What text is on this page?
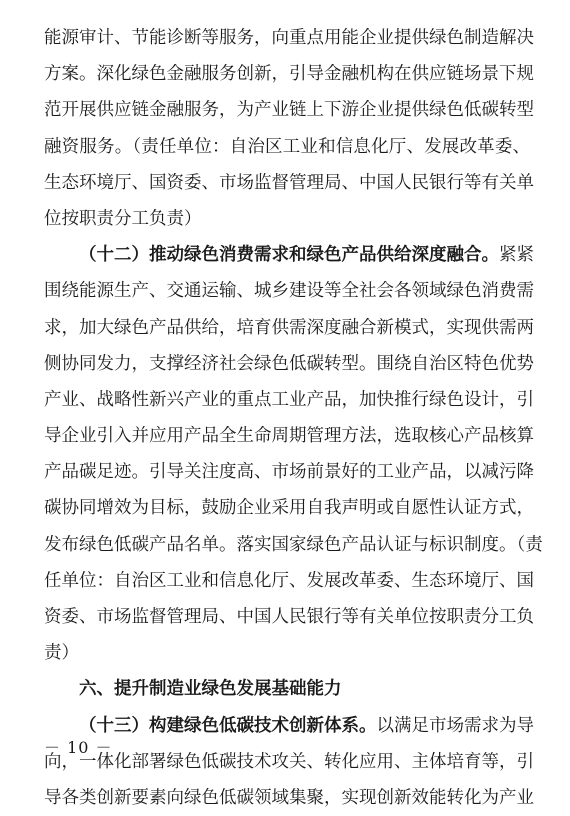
能源审计、节能诊断等服务，向重点用能企业提供绿色制造解决
方案。深化绿色金融服务创新，引导金融机构在供应链场景下规
范开展供应链金融服务，为产业链上下游企业提供绿色低碳转型
融资服务。（责任单位：自治区工业和信息化厅、发展改革委、
生态环境厅、国资委、市场监督管理局、中国人民银行等有关单
位按职责分工负责）
（十二）推动绿色消费需求和绿色产品供给深度融合。紧紧
围绕能源生产、交通运输、城乡建设等全社会各领域绿色消费需
求，加大绿色产品供给，培育供需深度融合新模式，实现供需两
侧协同发力，支撑经济社会绿色低碳转型。围绕自治区特色优势
产业、战略性新兴产业的重点工业产品，加快推行绿色设计，引
导企业引入并应用产品全生命周期管理方法，选取核心产品核算
产品碳足迹。引导关注度高、市场前景好的工业产品，以减污降
碳协同增效为目标，鼓励企业采用自我声明或自愿性认证方式，
发布绿色低碳产品名单。落实国家绿色产品认证与标识制度。（责
任单位：自治区工业和信息化厅、发展改革委、生态环境厅、国
资委、市场监督管理局、中国人民银行等有关单位按职责分工负
责）
六、提升制造业绿色发展基础能力
（十三）构建绿色低碳技术创新体系。以满足市场需求为导
向，一体化部署绿色低碳技术攻关、转化应用、主体培育等，引
导各类创新要素向绿色低碳领域集聚，实现创新效能转化为产业
－ 10 －
